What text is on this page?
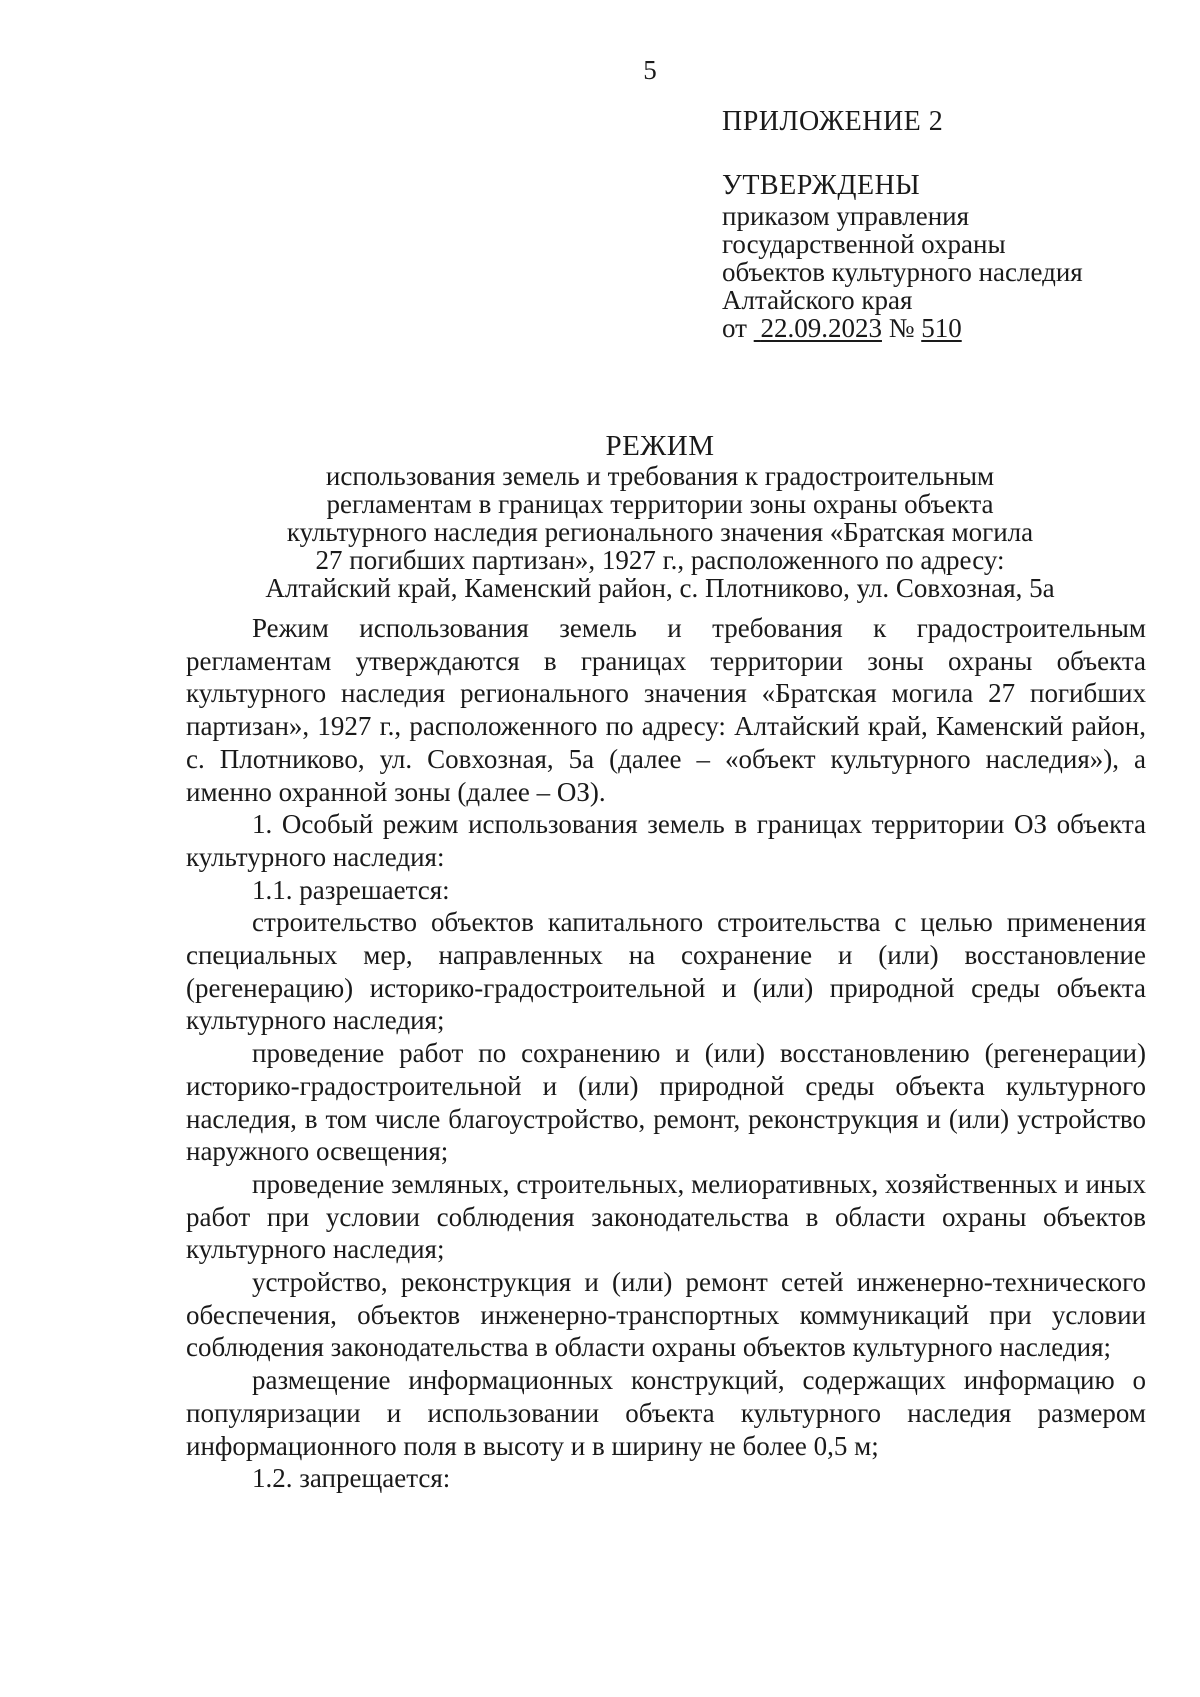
5
ПРИЛОЖЕНИЕ 2
УТВЕРЖДЕНЫ
приказом управления
государственной охраны
объектов культурного наследия
Алтайского края
от 22.09.2023 № 510
РЕЖИМ
использования земель и требования к градостроительным
регламентам в границах территории зоны охраны объекта
культурного наследия регионального значения «Братская могила
27 погибших партизан», 1927 г., расположенного по адресу:
Алтайский край, Каменский район, с. Плотниково, ул. Совхозная, 5а

Режим использования земель и требования к градостроительным регламентам утверждаются в границах территории зоны охраны объекта культурного наследия регионального значения «Братская могила 27 погибших партизан», 1927 г., расположенного по адресу: Алтайский край, Каменский район, с. Плотниково, ул. Совхозная, 5а (далее – «объект культурного наследия»), а именно охранной зоны (далее – ОЗ).

1. Особый режим использования земель в границах территории ОЗ объекта культурного наследия:

1.1. разрешается:

строительство объектов капитального строительства с целью применения специальных мер, направленных на сохранение и (или) восстановление (регенерацию) историко-градостроительной и (или) природной среды объекта культурного наследия;

проведение работ по сохранению и (или) восстановлению (регенерации) историко-градостроительной и (или) природной среды объекта культурного наследия, в том числе благоустройство, ремонт, реконструкция и (или) устройство наружного освещения;

проведение земляных, строительных, мелиоративных, хозяйственных и иных работ при условии соблюдения законодательства в области охраны объектов культурного наследия;

устройство, реконструкция и (или) ремонт сетей инженерно-технического обеспечения, объектов инженерно-транспортных коммуникаций при условии соблюдения законодательства в области охраны объектов культурного наследия;

размещение информационных конструкций, содержащих информацию о популяризации и использовании объекта культурного наследия размером информационного поля в высоту и в ширину не более 0,5 м;

1.2. запрещается:
